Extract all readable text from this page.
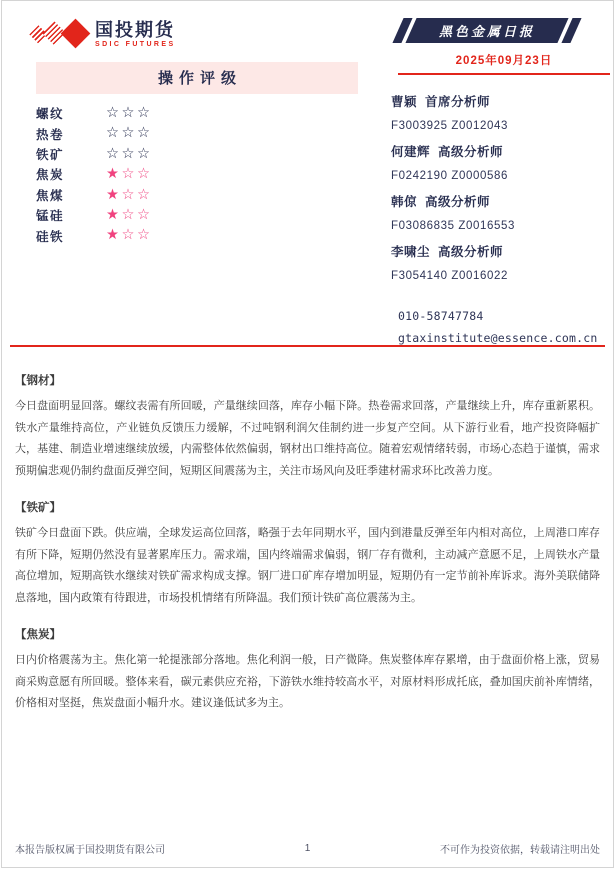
国投期货
SDIC FUTURES
黑色金属日报
2025年09月23日
操作评级
螺纹	☆☆☆
热卷	☆☆☆
铁矿	☆☆☆
焦炭	★☆☆
焦煤	★☆☆
锰硅	★☆☆
硅铁	★☆☆
曹颖 首席分析师
F3003925 Z0012043
何建辉 高级分析师
F0242190 Z0000586
韩倞 高级分析师
F03086835 Z0016553
李啸尘 高级分析师
F3054140 Z0016022
010-58747784
gtaxinstitute@essence.com.cn
【钢材】

今日盘面明显回落。螺纹表需有所回暖，产量继续回落，库存小幅下降。热卷需求回落，产量继续上升，库存重新累积。铁水产量维持高位，产业链负反馈压力缓解，不过吨钢利润欠佳制约进一步复产空间。从下游行业看，地产投资降幅扩大，基建、制造业增速继续放缓，内需整体依然偏弱，钢材出口维持高位。随着宏观情绪转弱，市场心态趋于谨慎，需求预期偏悲观仍制约盘面反弹空间，短期区间震荡为主，关注市场风向及旺季建材需求环比改善力度。

【铁矿】

铁矿今日盘面下跌。供应端，全球发运高位回落，略强于去年同期水平，国内到港量反弹至年内相对高位，上周港口库存有所下降，短期仍然没有显著累库压力。需求端，国内终端需求偏弱，钢厂存有微利，主动减产意愿不足，上周铁水产量高位增加，短期高铁水继续对铁矿需求构成支撑。钢厂进口矿库存增加明显，短期仍有一定节前补库诉求。海外美联储降息落地，国内政策有待跟进，市场投机情绪有所降温。我们预计铁矿高位震荡为主。

【焦炭】

日内价格震荡为主。焦化第一轮提涨部分落地。焦化利润一般，日产微降。焦炭整体库存累增，由于盘面价格上涨，贸易商采购意愿有所回暖。整体来看，碳元素供应充裕，下游铁水维持较高水平，对原材料形成托底，叠加国庆前补库情绪，价格相对坚挺，焦炭盘面小幅升水。建议逢低试多为主。

本报告版权属于国投期货有限公司	1	不可作为投资依据，转载请注明出处
